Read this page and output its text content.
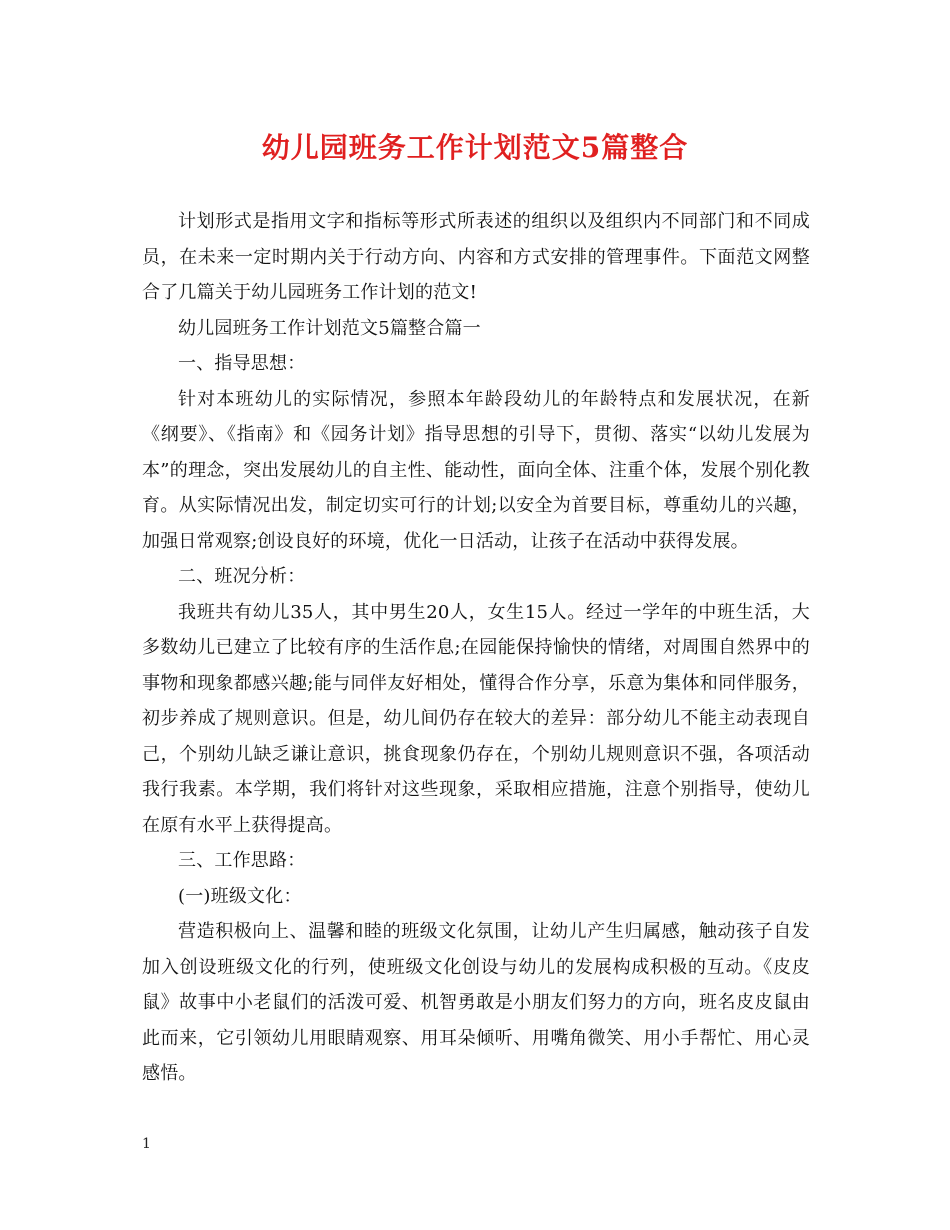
幼儿园班务工作计划范文5篇整合

计划形式是指用文字和指标等形式所表述的组织以及组织内不同部门和不同成员，在未来一定时期内关于行动方向、内容和方式安排的管理事件。下面范文网整合了几篇关于幼儿园班务工作计划的范文!

幼儿园班务工作计划范文5篇整合篇一

一、指导思想：

针对本班幼儿的实际情况，参照本年龄段幼儿的年龄特点和发展状况，在新《纲要》、《指南》和《园务计划》指导思想的引导下，贯彻、落实“以幼儿发展为本”的理念，突出发展幼儿的自主性、能动性，面向全体、注重个体，发展个别化教育。从实际情况出发，制定切实可行的计划;以安全为首要目标，尊重幼儿的兴趣，加强日常观察;创设良好的环境，优化一日活动，让孩子在活动中获得发展。

二、班况分析：

我班共有幼儿35人，其中男生20人，女生15人。经过一学年的中班生活，大多数幼儿已建立了比较有序的生活作息;在园能保持愉快的情绪，对周围自然界中的事物和现象都感兴趣;能与同伴友好相处，懂得合作分享，乐意为集体和同伴服务，初步养成了规则意识。但是，幼儿间仍存在较大的差异：部分幼儿不能主动表现自己，个别幼儿缺乏谦让意识，挑食现象仍存在，个别幼儿规则意识不强，各项活动我行我素。本学期，我们将针对这些现象，采取相应措施，注意个别指导，使幼儿在原有水平上获得提高。

三、工作思路：

(一)班级文化：

营造积极向上、温馨和睦的班级文化氛围，让幼儿产生归属感，触动孩子自发加入创设班级文化的行列，使班级文化创设与幼儿的发展构成积极的互动。《皮皮鼠》故事中小老鼠们的活泼可爱、机智勇敢是小朋友们努力的方向，班名皮皮鼠由此而来，它引领幼儿用眼睛观察、用耳朵倾听、用嘴角微笑、用小手帮忙、用心灵感悟。

1
